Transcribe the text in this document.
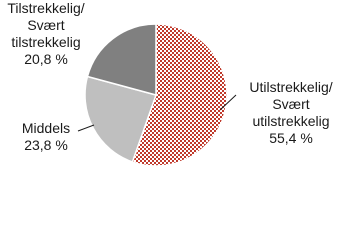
Utilstrekkelig/ Svært utilstrekkelig 55,4 %
Middels 23,8 %
Tilstrekkelig/ Svært tilstrekkelig 20,8 %
